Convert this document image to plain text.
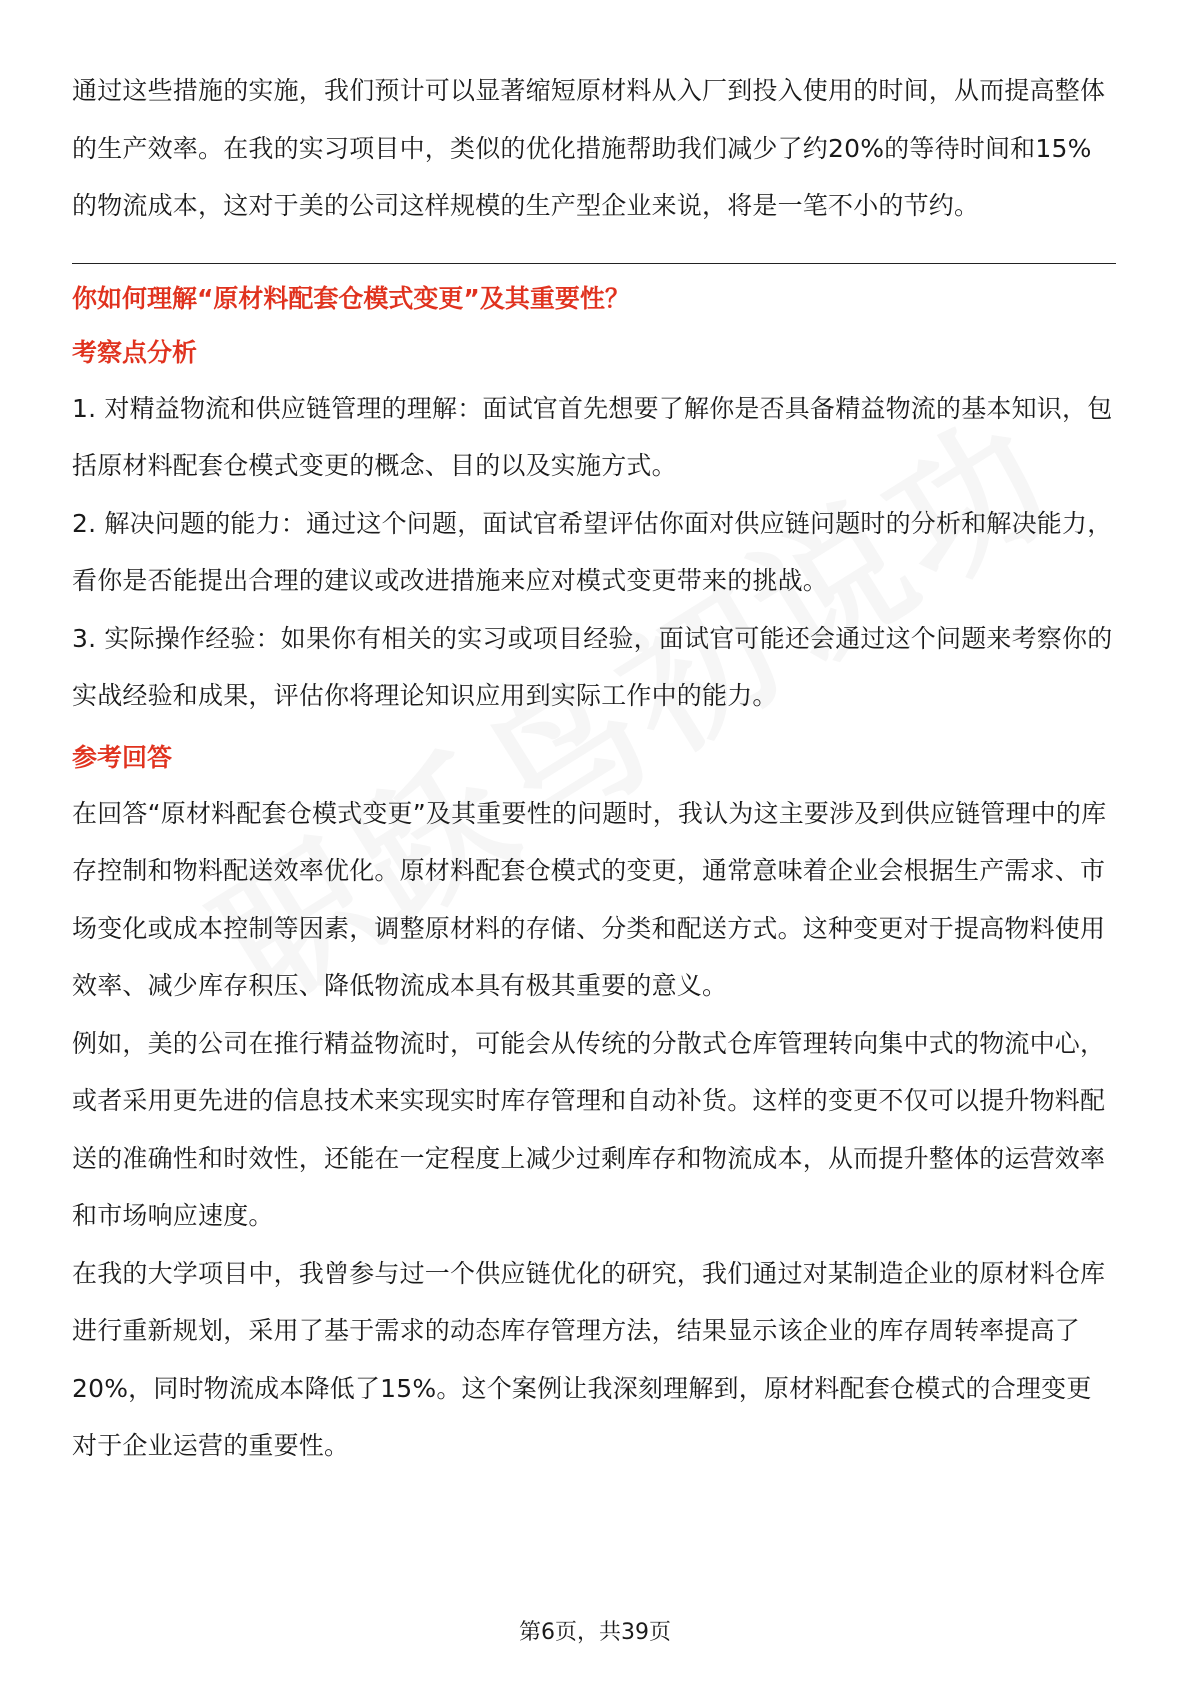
通过这些措施的实施，我们预计可以显著缩短原材料从入厂到投入使用的时间，从而提高整体的生产效率。在我的实习项目中，类似的优化措施帮助我们减少了约20%的等待时间和15%的物流成本，这对于美的公司这样规模的生产型企业来说，将是一笔不小的节约。

你如何理解“原材料配套仓模式变更”及其重要性？
考察点分析

1. 对精益物流和供应链管理的理解：面试官首先想要了解你是否具备精益物流的基本知识，包括原材料配套仓模式变更的概念、目的以及实施方式。

2. 解决问题的能力：通过这个问题，面试官希望评估你面对供应链问题时的分析和解决能力，看你是否能提出合理的建议或改进措施来应对模式变更带来的挑战。

3. 实际操作经验：如果你有相关的实习或项目经验，面试官可能还会通过这个问题来考察你的实战经验和成果，评估你将理论知识应用到实际工作中的能力。

参考回答

在回答“原材料配套仓模式变更”及其重要性的问题时，我认为这主要涉及到供应链管理中的库存控制和物料配送效率优化。原材料配套仓模式的变更，通常意味着企业会根据生产需求、市场变化或成本控制等因素，调整原材料的存储、分类和配送方式。这种变更对于提高物料使用效率、减少库存积压、降低物流成本具有极其重要的意义。

例如，美的公司在推行精益物流时，可能会从传统的分散式仓库管理转向集中式的物流中心，或者采用更先进的信息技术来实现实时库存管理和自动补货。这样的变更不仅可以提升物料配送的准确性和时效性，还能在一定程度上减少过剩库存和物流成本，从而提升整体的运营效率和市场响应速度。

在我的大学项目中，我曾参与过一个供应链优化的研究，我们通过对某制造企业的原材料仓库进行重新规划，采用了基于需求的动态库存管理方法，结果显示该企业的库存周转率提高了20%，同时物流成本降低了15%。这个案例让我深刻理解到，原材料配套仓模式的合理变更对于企业运营的重要性。

第6页，共39页
